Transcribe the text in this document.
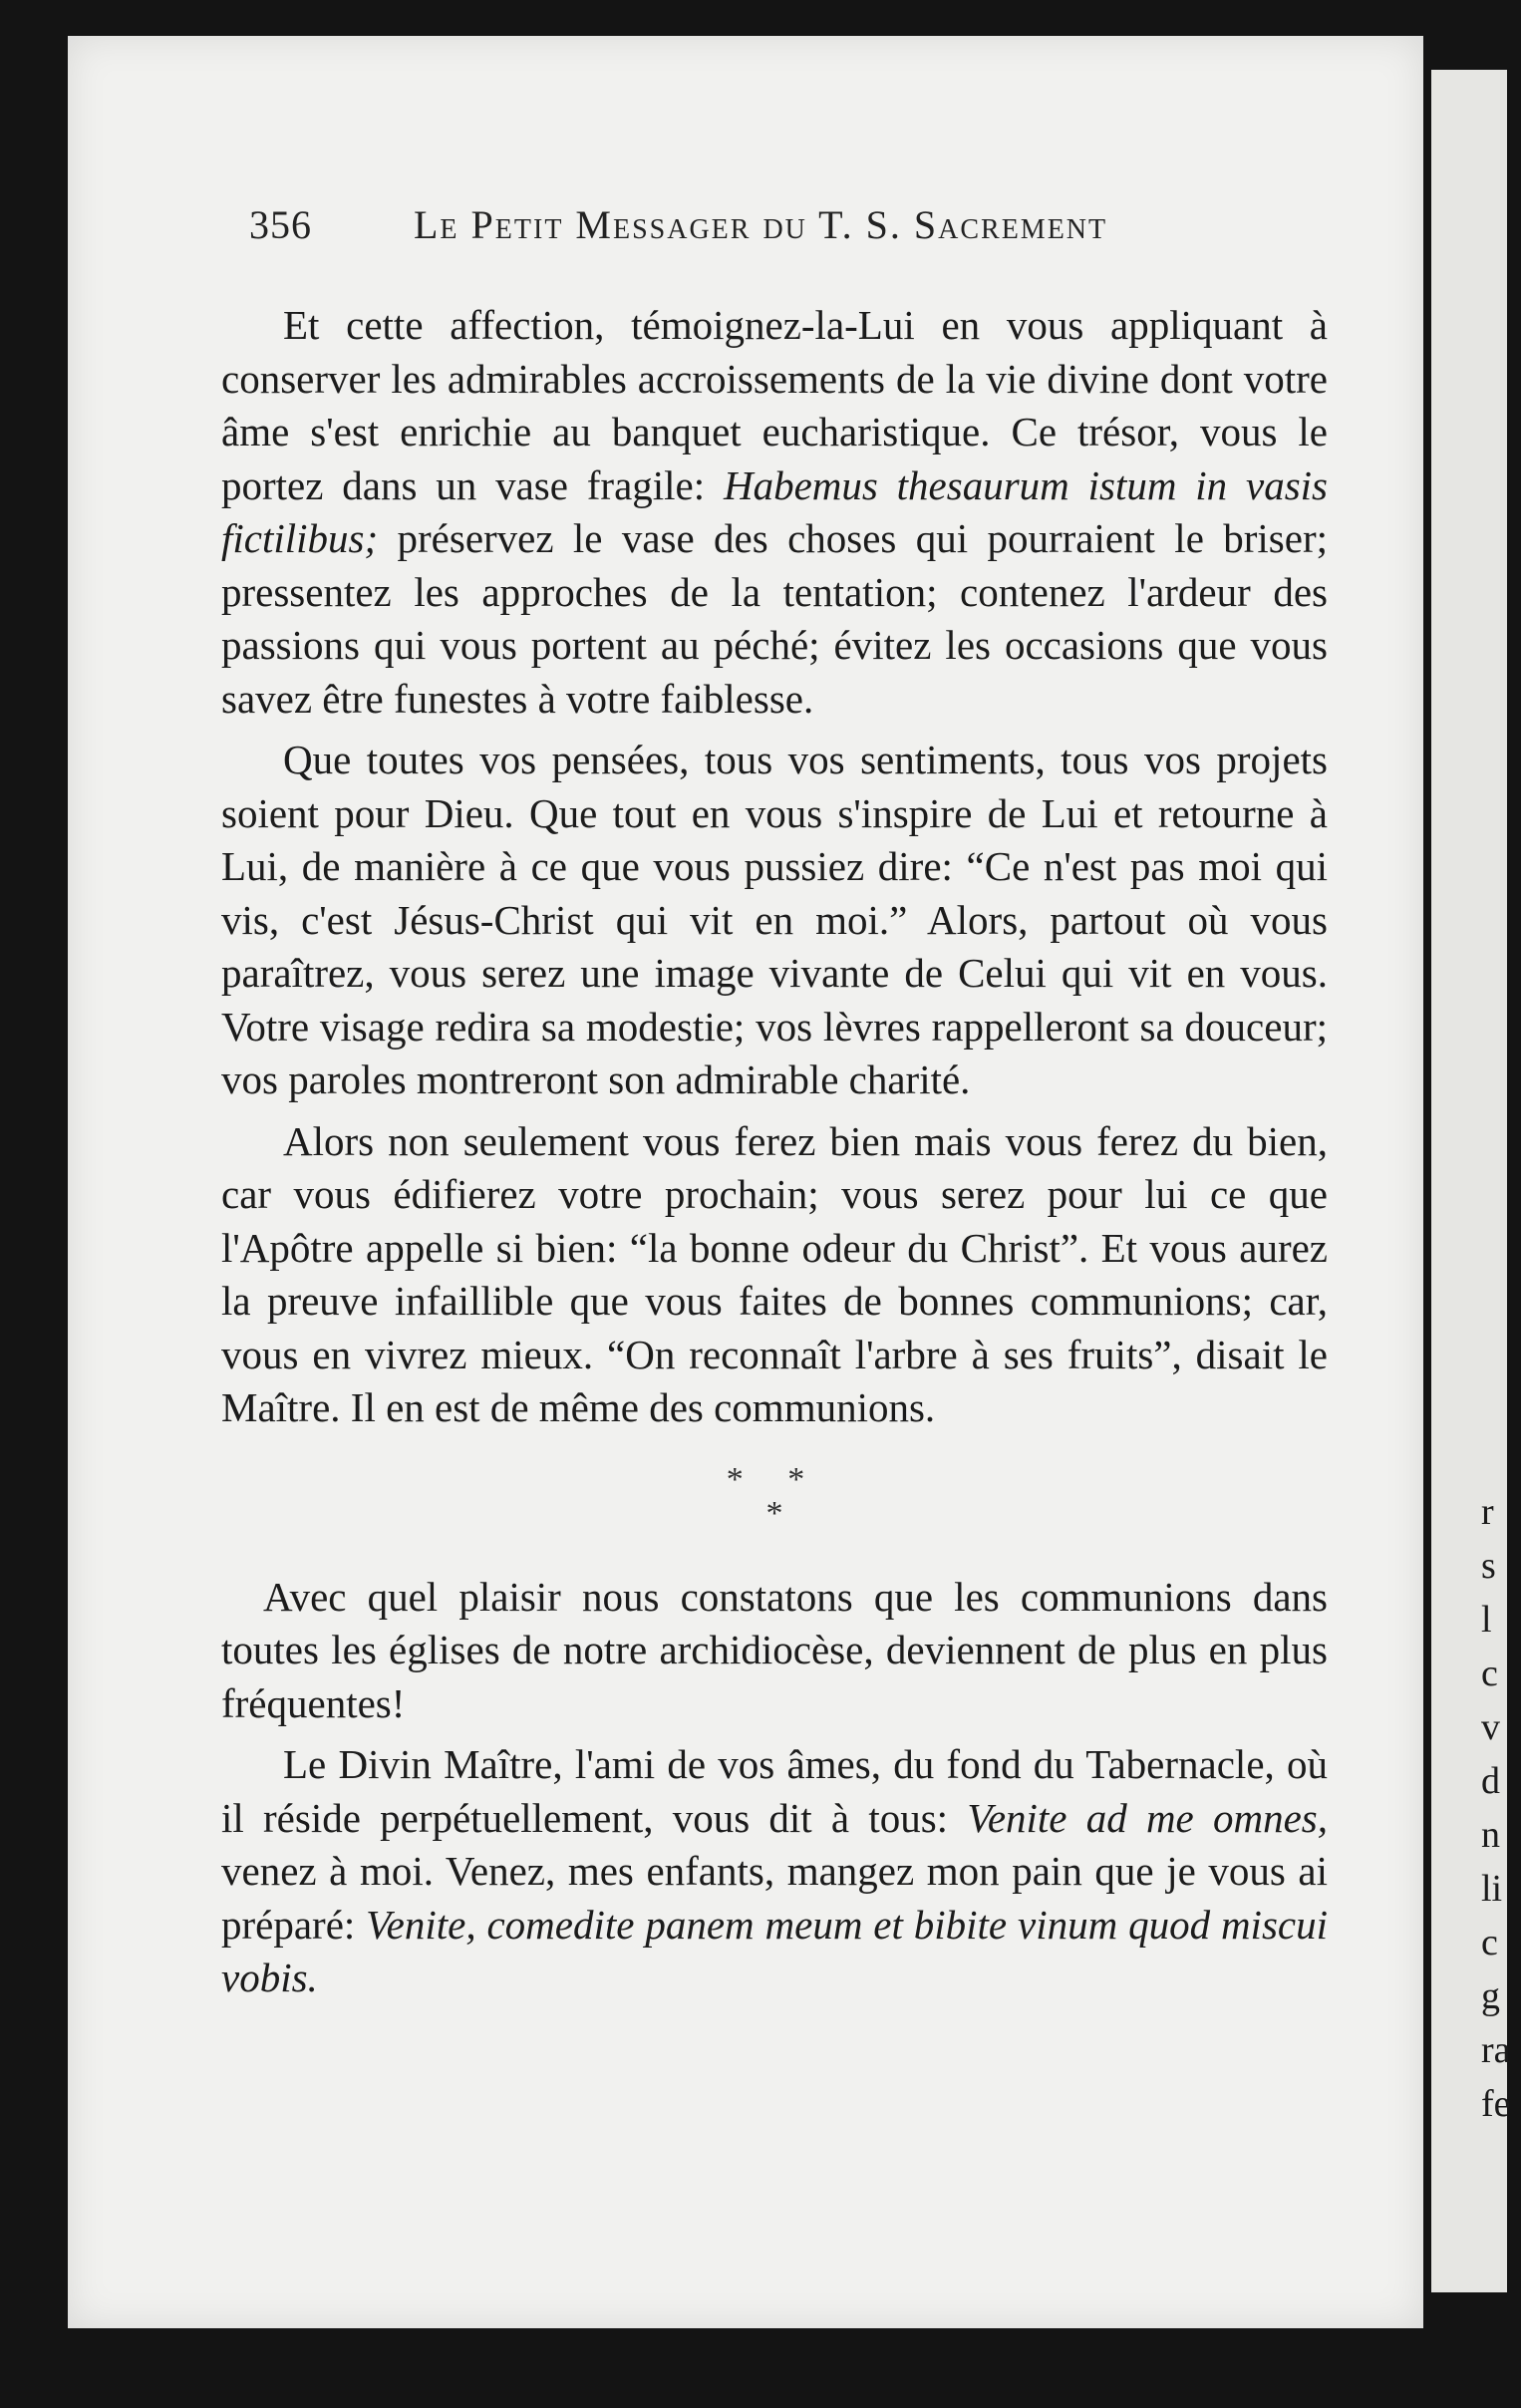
r
s
l
c
v
d
n
li
c
g
ra
fe
356	Le Petit Messager du T. S. Sacrement

Et cette affection, témoignez-la-Lui en vous appliquant à conserver les admirables accroissements de la vie divine dont votre âme s'est enrichie au banquet eucharistique. Ce trésor, vous le portez dans un vase fragile: Habemus thesaurum istum in vasis fictilibus; préservez le vase des choses qui pourraient le briser; pressentez les approches de la tentation; contenez l'ardeur des passions qui vous portent au péché; évitez les occasions que vous savez être funestes à votre faiblesse.

Que toutes vos pensées, tous vos sentiments, tous vos projets soient pour Dieu. Que tout en vous s'inspire de Lui et retourne à Lui, de manière à ce que vous pussiez dire: “Ce n'est pas moi qui vis, c'est Jésus-Christ qui vit en moi.” Alors, partout où vous paraîtrez, vous serez une image vivante de Celui qui vit en vous. Votre visage redira sa modestie; vos lèvres rappelleront sa douceur; vos paroles montreront son admirable charité.

Alors non seulement vous ferez bien mais vous ferez du bien, car vous édifierez votre prochain; vous serez pour lui ce que l'Apôtre appelle si bien: “la bonne odeur du Christ”. Et vous aurez la preuve infaillible que vous faites de bonnes communions; car, vous en vivrez mieux. “On reconnaît l'arbre à ses fruits”, disait le Maître. Il en est de même des communions.

* *
*

Avec quel plaisir nous constatons que les communions dans toutes les églises de notre archidiocèse, deviennent de plus en plus fréquentes!

Le Divin Maître, l'ami de vos âmes, du fond du Tabernacle, où il réside perpétuellement, vous dit à tous: Venite ad me omnes, venez à moi. Venez, mes enfants, mangez mon pain que je vous ai préparé: Venite, comedite panem meum et bibite vinum quod miscui vobis.
